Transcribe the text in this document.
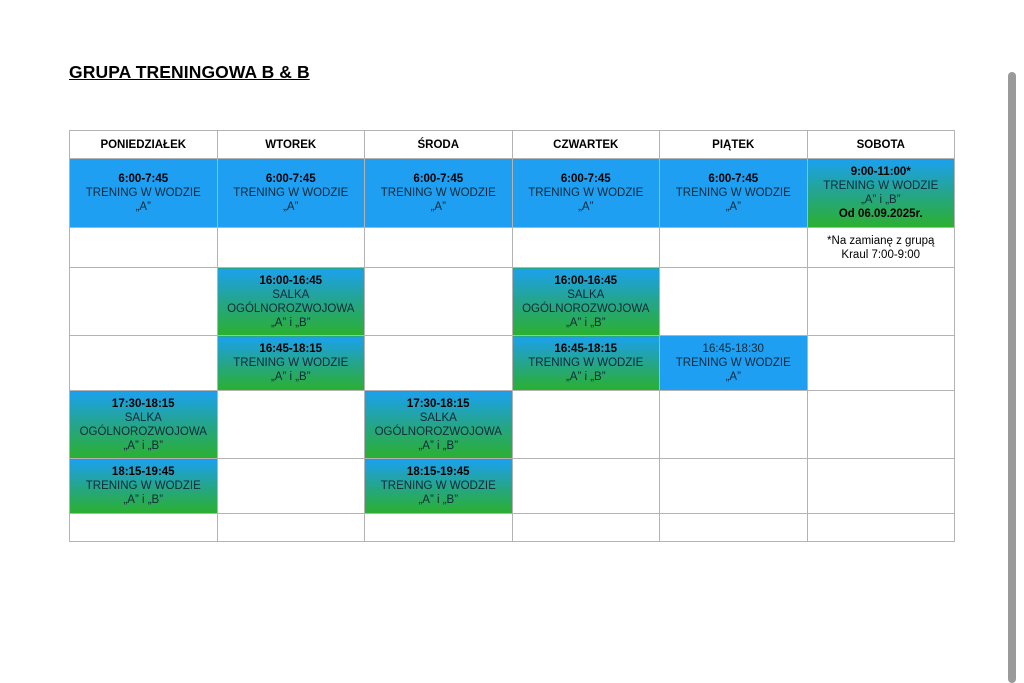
GRUPA TRENINGOWA B & B
PONIEDZIAŁEK	WTOREK	ŚRODA	CZWARTEK	PIĄTEK	SOBOTA

6:00-7:45
TRENING W WODZIE
„A”	6:00-7:45
TRENING W WODZIE
„A”	6:00-7:45
TRENING W WODZIE
„A”	6:00-7:45
TRENING W WODZIE
„A”	6:00-7:45
TRENING W WODZIE
„A”	9:00-11:00*
TRENING W WODZIE
„A” i „B”
Od 06.09.2025r.

					*Na zamianę z grupą
Kraul 7:00-9:00

	16:00-16:45
SALKA
OGÓLNOROZWOJOWA
„A” i „B”		16:00-16:45
SALKA
OGÓLNOROZWOJOWA
„A” i „B”		

	16:45-18:15
TRENING W WODZIE
„A” i „B”		16:45-18:15
TRENING W WODZIE
„A” i „B”	16:45-18:30
TRENING W WODZIE
„A”	

17:30-18:15
SALKA
OGÓLNOROZWOJOWA
„A” i „B”		17:30-18:15
SALKA
OGÓLNOROZWOJOWA
„A” i „B”			

18:15-19:45
TRENING W WODZIE
„A” i „B”		18:15-19:45
TRENING W WODZIE
„A” i „B”			
